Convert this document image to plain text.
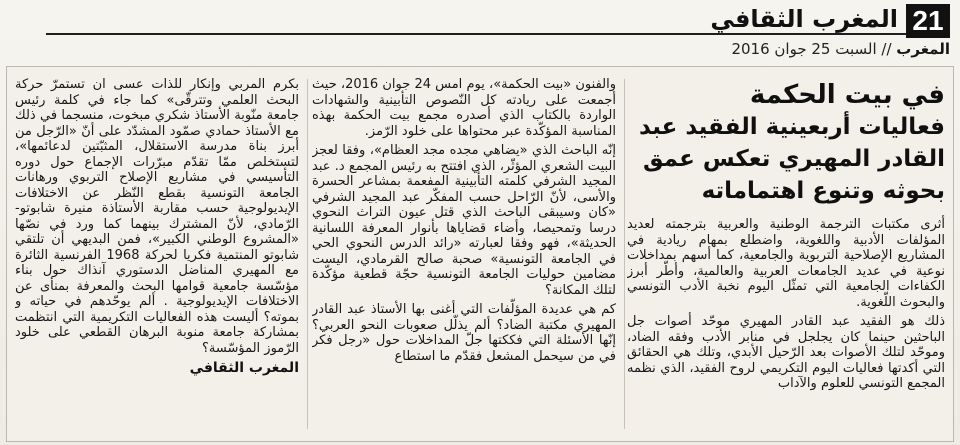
21
المغرب الثقافي
المغرب // السبت 25 جوان 2016
في بيت الحكمة
فعاليات أربعينية الفقيد عبد القادر المهيري تعكس عمق بحوثه وتنوع اهتماماته

أثرى مكتبات الترجمة الوطنية والعربية بترجمته لعديد المؤلفات الأدبية واللغوية، واضطلع بمهام ريادية في المشاريع الإصلاحية التربوية والجامعية، كما أسهم بمداخلات نوعية في عديد الجامعات العربية والعالمية، وأطّر أبرز الكفاءات الجامعية التي تمثّل اليوم نخبة الأدب التونسي والبحوث اللّغوية.

ذلك هو الفقيد عبد القادر المهيري موحّد أصوات جل الباحثين حينما كان يجلجل في منابر الأدب وفقه الضاد، وموحّد لتلك الأصوات بعد الرّحيل الأبدي، وتلك هي الحقائق التي أكدتها فعاليات اليوم التكريمي لروح الفقيد، الذي نظمه المجمع التونسي للعلوم والآداب

والفنون «بيت الحكمة»، يوم امس 24 جوان 2016، حيث أجمعت على ريادته كل النّصوص التأبينية والشهادات الواردة بالكتاب الذي أصدره مجمع بيت الحكمة بهذه المناسبة المؤكّدة عبر محتواها على خلود الرّمز.

إنّه الباحث الذي «يضاهي مجده مجد العظام»، وفقا لعجز البيت الشعري المؤثّر، الذي افتتح به رئيس المجمع د. عبد المجيد الشرفي كلمته التأبينية المفعمة بمشاعر الحسرة والأسى، لأنّ الرّاحل حسب المفكّر عبد المجيد الشرفي «كان وسيبقى الباحث الذي قتل عيون التراث النحوي درسا وتمحيصا، وأضاء قضاياها بأنوار المعرفة اللسانية الحديثة»، فهو وفقا لعبارته «رائد الدرس النحوي الحي في الجامعة التونسية» صحبة صالح القرمادي، اليست مضامين حوليات الجامعة التونسية حجّة قطعية مؤكّدة لتلك المكانة؟

كم هي عديدة المؤلّفات التي أغنى بها الأستاذ عبد القادر المهيري مكتبة الضاد؟ ألم يذلّل صعوبات النحو العربي؟ إنّها الأسئلة التي فككتها جلّ المداخلات حول «رجل فكر في من سيحمل المشعل فقدّم ما استطاع

بكرم المربي وإنكار للّذات عسى ان تستمرّ حركة البحث العلمي وتترقّى» كما جاء في كلمة رئيس جامعة منّوبة الأستاذ شكري مبخوت، منسجما في ذلك مع الأستاذ حمادي صمّود المشدّد على أنّ «الرّجل من أبرز بناة مدرسة الاستقلال، المثبّتين لدعائمها»، لتستخلص ممّا تقدّم مبرّرات الإجماع حول دوره التأسيسي في مشاريع الإصلاح التربوي ورهانات الجامعة التونسية بقطع النّظر عن الاختلافات الإيديولوجية حسب مقاربة الأستاذة منيرة شابوتو-الرّمادي، لأنّ المشترك بينهما كما ورد في نصّها «المشروع الوطني الكبير»، فمن البديهي أن تلتقي شابوتو المنتمية فكريا لحركة 1968 الفرنسية الثائرة مع المهيري المناضل الدستوري آنذاك حول بناء مؤسّسة جامعية قوامها البحث والمعرفة بمنأى عن الاختلافات الإيديولوجية . ألم يوحّدهم في حياته و بموته؟ أليست هذه الفعاليات التكريمية التي انتظمت بمشاركة جامعة منوبة البرهان القطعي على خلود الرّموز المؤسّسة؟

المغرب الثقافي
